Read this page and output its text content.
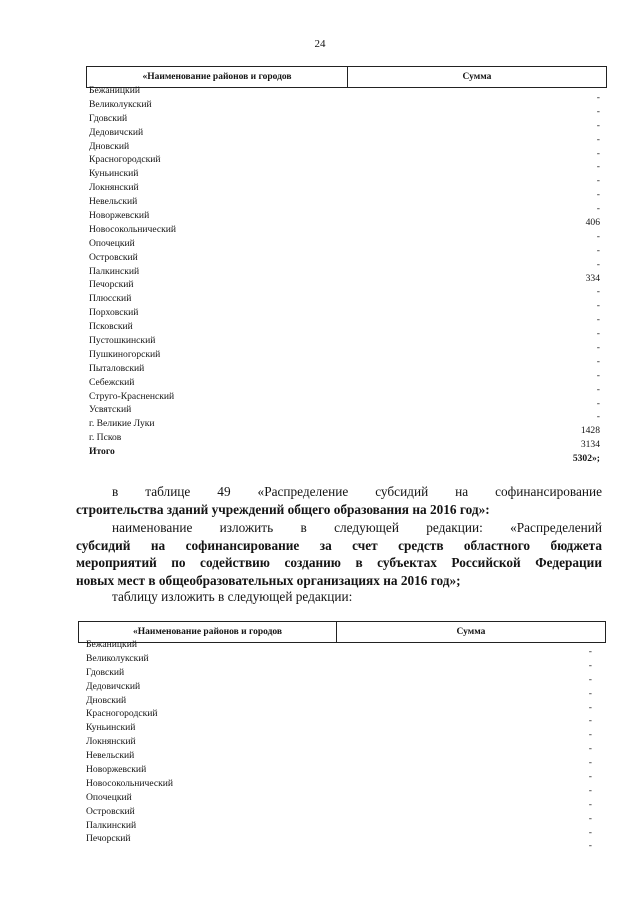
24
«Наименование районов и городов	Сумма
Бежаницкий
-
Великолукский
-
Гдовский
-
Дедовичский
-
Дновский
-
Красногородский
-
Куньинский
-
Локнянский
-
Невельский
-
Новоржевский
406
Новосокольнический
-
Опочецкий
-
Островский
-
Палкинский
334
Печорский
-
Плюсский
-
Порховский
-
Псковский
-
Пустошкинский
-
Пушкиногорский
-
Пыталовский
-
Себежский
-
Струго-Красненский
-
Усвятский
-
г. Великие Луки
1428
г. Псков
3134
Итого
5302»;
в таблице 49 «Распределение субсидий на софинансирование
строительства зданий учреждений общего образования на 2016 год»:
наименование изложить в следующей редакции: «Распределений
субсидий на софинансирование за счет средств областного бюджета
мероприятий по содействию созданию в субъектах Российской Федерации
новых мест в общеобразовательных организациях на 2016 год»;
таблицу изложить в следующей редакции:
«Наименование районов и городов	Сумма
Бежаницкий
-
Великолукский
-
Гдовский
-
Дедовичский
-
Дновский
-
Красногородский
-
Куньинский
-
Локнянский
-
Невельский
-
Новоржевский
-
Новосокольнический
-
Опочецкий
-
Островский
-
Палкинский
-
Печорский
-
